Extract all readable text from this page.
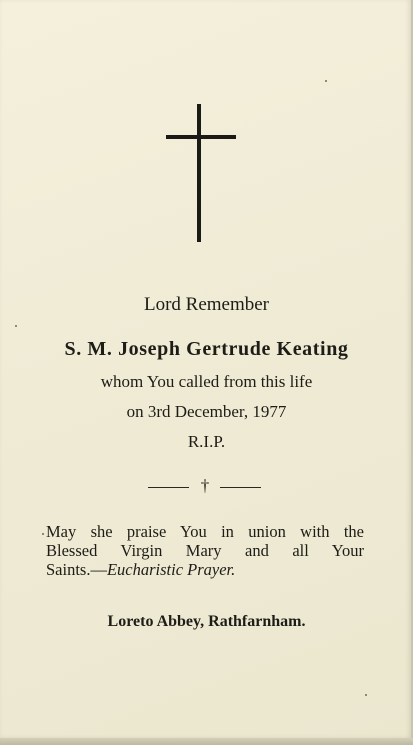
Lord Remember
S. M. Joseph Gertrude Keating
whom You called from this life
on 3rd December, 1977
R.I.P.
†
May she praise You in union with the
Blessed Virgin Mary and all Your
Saints.—Eucharistic Prayer.
Loreto Abbey, Rathfarnham.
